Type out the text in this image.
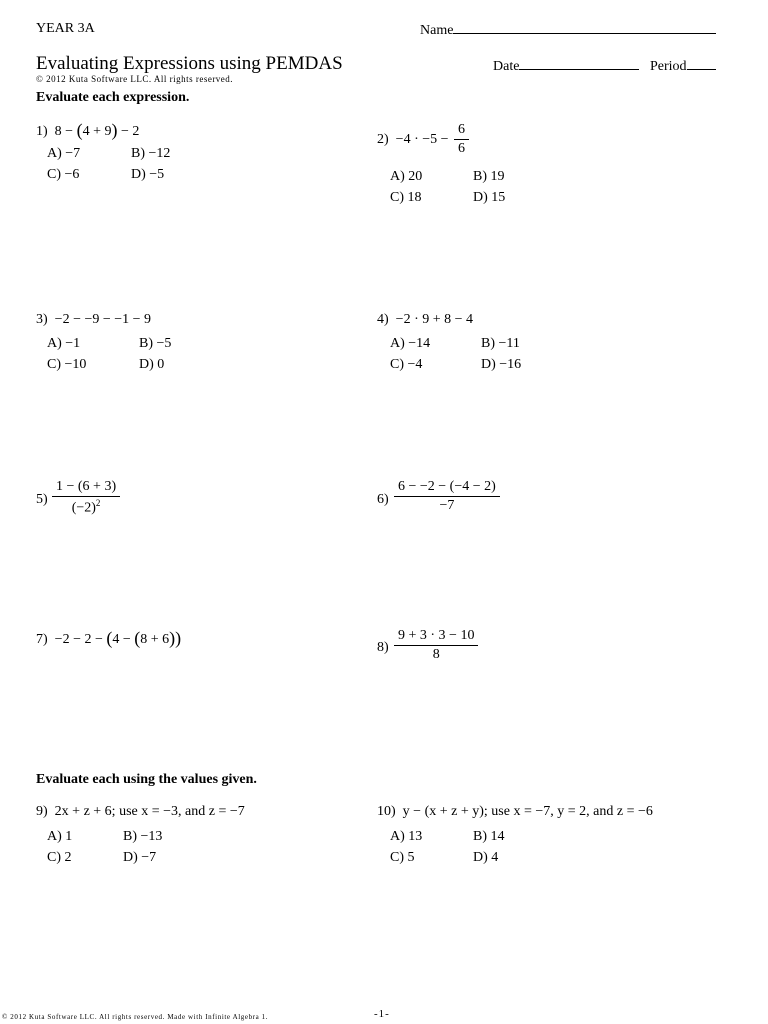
YEAR 3A	Name
Evaluating Expressions using PEMDAS	Date	Period
© 2012 Kuta Software LLC. All rights reserved.
Evaluate each expression.
1) 8 − (4 + 9) − 2
A) −7	B) −12
C) −6	D) −5
$2) -4 \cdot -5 - \frac{6}{6}$
A) 20	B) 19
C) 18	D) 15
3) −2 − −9 − −1 − 9
A) −1	B) −5
C) −10	D) 0
4) −2 · 9 + 8 − 4
A) −14	B) −11
C) −4	D) −16
$5) \frac{1 - (6 + 3)}{(-2)^2}$	$6) \frac{6 - -2 - (-4 - 2)}{-7}$
7) −2 − 2 − (4 − (8 + 6))	$8) \frac{9 + 3 \cdot 3 - 10}{8}$
Evaluate each using the values given.
9) 2x + z + 6; use x = −3, and z = −7
A) 1	B) −13
C) 2	D) −7
10) y − (x + z + y); use x = −7, y = 2, and z = −6
A) 13	B) 14
C) 5	D) 4
© 2012 Kuta Software LLC. All rights reserved. Made with Infinite Algebra 1.	-1-
